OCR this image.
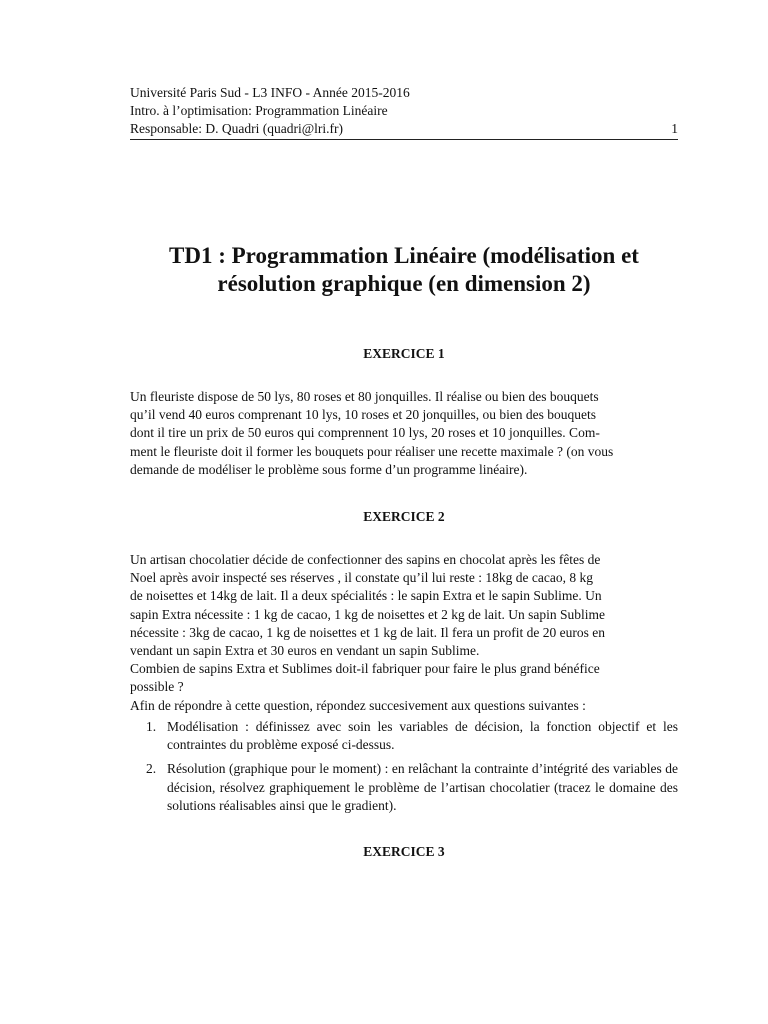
Université Paris Sud - L3 INFO - Année 2015-2016
Intro. à l’optimisation: Programmation Linéaire
Responsable: D. Quadri (quadri@lri.fr)	1
TD1 : Programmation Linéaire (modélisation et
résolution graphique (en dimension 2)
EXERCICE 1
Un fleuriste dispose de 50 lys, 80 roses et 80 jonquilles. Il réalise ou bien des bouquets
qu’il vend 40 euros comprenant 10 lys, 10 roses et 20 jonquilles, ou bien des bouquets
dont il tire un prix de 50 euros qui comprennent 10 lys, 20 roses et 10 jonquilles. Com-
ment le fleuriste doit il former les bouquets pour réaliser une recette maximale ? (on vous
demande de modéliser le problème sous forme d’un programme linéaire).
EXERCICE 2
Un artisan chocolatier décide de confectionner des sapins en chocolat après les fêtes de
Noel après avoir inspecté ses réserves , il constate qu’il lui reste : 18kg de cacao, 8 kg
de noisettes et 14kg de lait. Il a deux spécialités : le sapin Extra et le sapin Sublime. Un
sapin Extra nécessite : 1 kg de cacao, 1 kg de noisettes et 2 kg de lait. Un sapin Sublime
nécessite : 3kg de cacao, 1 kg de noisettes et 1 kg de lait. Il fera un profit de 20 euros en
vendant un sapin Extra et 30 euros en vendant un sapin Sublime.
Combien de sapins Extra et Sublimes doit-il fabriquer pour faire le plus grand bénéfice
possible ?
Afin de répondre à cette question, répondez succesivement aux questions suivantes :
1. Modélisation : définissez avec soin les variables de décision, la fonction objectif et les contraintes du problème exposé ci-dessus.
2. Résolution (graphique pour le moment) : en relâchant la contrainte d’intégrité des variables de décision, résolvez graphiquement le problème de l’artisan chocolatier (tracez le domaine des solutions réalisables ainsi que le gradient).
EXERCICE 3
